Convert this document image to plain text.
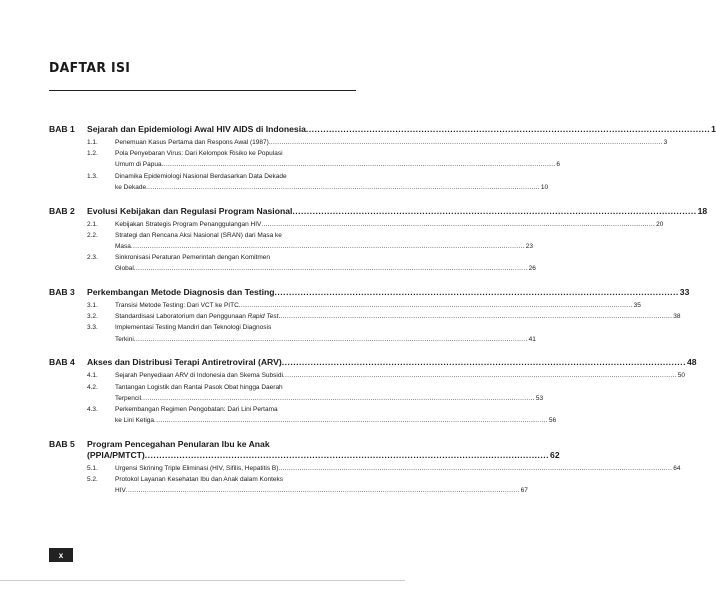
DAFTAR ISI
BAB 1	Sejarah dan Epidemiologi Awal HIV AIDS di Indonesia .....	1
1.1.	Penemuan Kasus Pertama dan Respons Awal (1987) .....	3
1.2.	Pola Penyebaran Virus: Dari Kelompok Risiko ke Populasi
Umum di Papua .....	6
1.3.	Dinamika Epidemiologi Nasional Berdasarkan Data Dekade
ke Dekade .....	10
BAB 2	Evolusi Kebijakan dan Regulasi Program Nasional .....	18
2.1.	Kebijakan Strategis Program Penanggulangan HIV .....	20
2.2.	Strategi dan Rencana Aksi Nasional (SRAN) dari Masa ke
Masa .....	23
2.3.	Sinkronisasi Peraturan Pemerintah dengan Komitmen
Global .....	26
BAB 3	Perkembangan Metode Diagnosis dan Testing .....	33
3.1.	Transisi Metode Testing: Dari VCT ke PITC .....	35
3.2.	Standardisasi Laboratorium dan Penggunaan Rapid Test .....	38
3.3.	Implementasi Testing Mandiri dan Teknologi Diagnosis
Terkini .....	41
BAB 4	Akses dan Distribusi Terapi Antiretroviral (ARV) .....	48
4.1.	Sejarah Penyediaan ARV di Indonesia dan Skema Subsidi .....	50
4.2.	Tantangan Logistik dan Rantai Pasok Obat hingga Daerah
Terpencil .....	53
4.3.	Perkembangan Regimen Pengobatan: Dari Lini Pertama
ke Lini Ketiga .....	56
BAB 5	Program Pencegahan Penularan Ibu ke Anak
(PPIA/PMTCT) .....	62
5.1.	Urgensi Skrining Triple Eliminasi (HIV, Sifilis, Hepatitis B) .....	64
5.2.	Protokol Layanan Kesehatan Ibu dan Anak dalam Konteks
HIV .....	67
x
